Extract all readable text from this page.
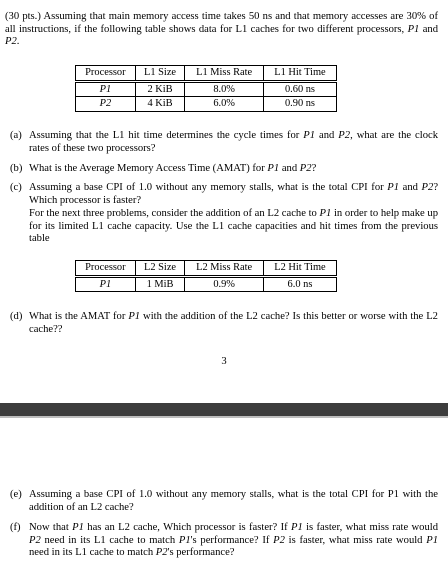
(30 pts.) Assuming that main memory access time takes 50 ns and that memory accesses are 30% of all instructions, if the following table shows data for L1 caches for two different processors, P1 and P2.
Processor	L1 Size	L1 Miss Rate	L1 Hit Time
P1	2 KiB	8.0%	0.60 ns
P2	4 KiB	6.0%	0.90 ns
(a) Assuming that the L1 hit time determines the cycle times for P1 and P2, what are the clock rates of these two processors?
(b) What is the Average Memory Access Time (AMAT) for P1 and P2?
(c) Assuming a base CPI of 1.0 without any memory stalls, what is the total CPI for P1 and P2? Which processor is faster?
For the next three problems, consider the addition of an L2 cache to P1 in order to help make up for its limited L1 cache capacity. Use the L1 cache capacities and hit times from the previous table
Processor	L2 Size	L2 Miss Rate	L2 Hit Time
P1	1 MiB	0.9%	6.0 ns
(d) What is the AMAT for P1 with the addition of the L2 cache? Is this better or worse with the L2 cache??
3
(e) Assuming a base CPI of 1.0 without any memory stalls, what is the total CPI for P1 with the addition of an L2 cache?
(f) Now that P1 has an L2 cache, Which processor is faster? If P1 is faster, what miss rate would P2 need in its L1 cache to match P1's performance? If P2 is faster, what miss rate would P1 need in its L1 cache to match P2's performance?
